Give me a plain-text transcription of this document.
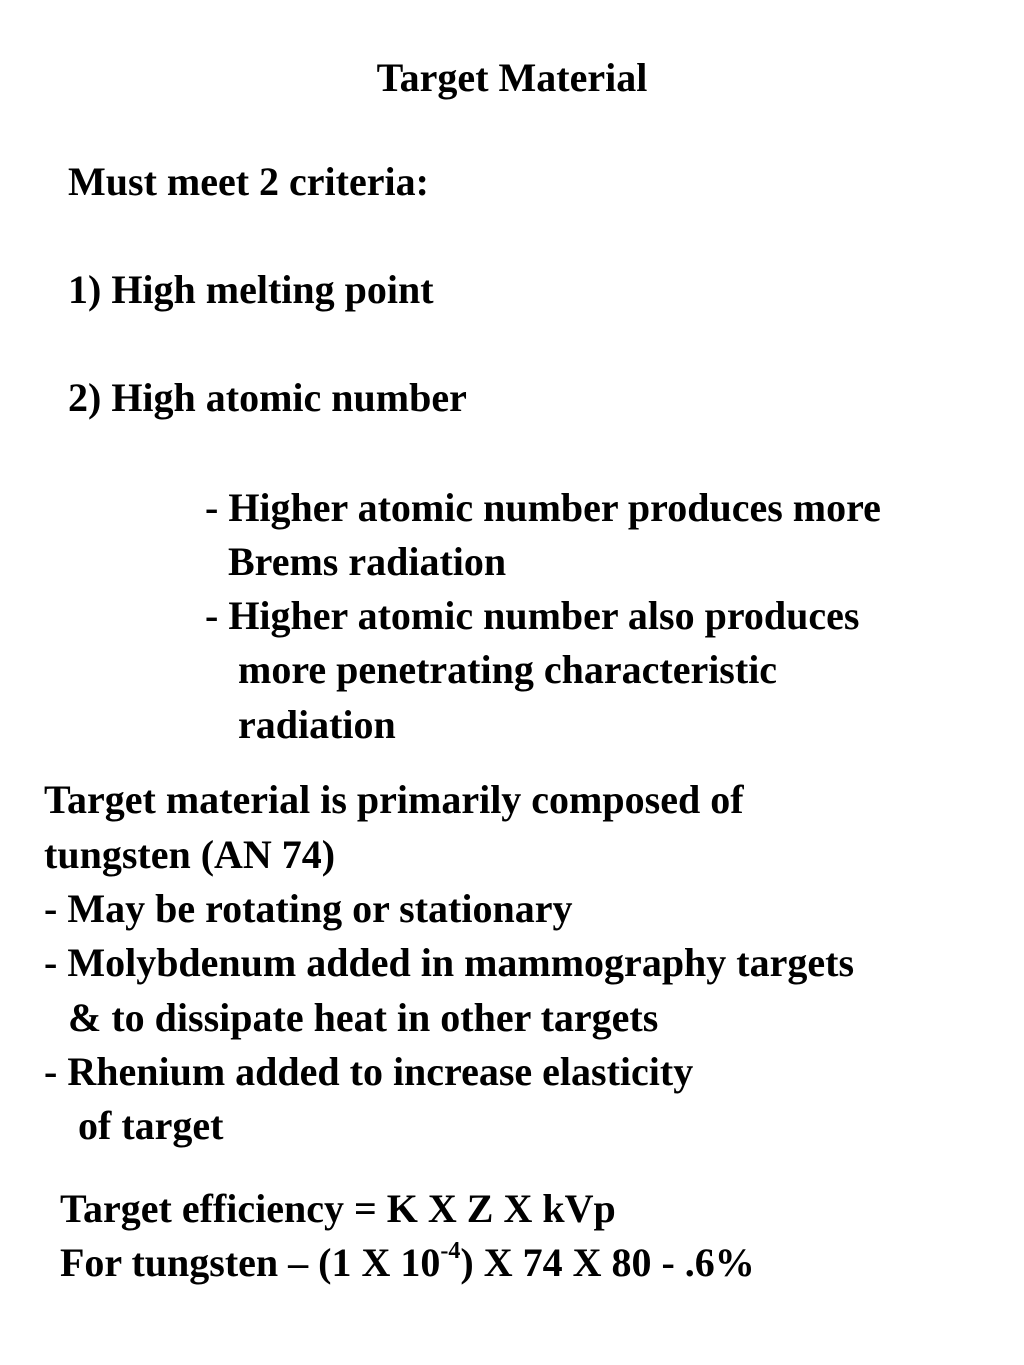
Target Material
Must meet 2 criteria:
1) High melting point
2) High atomic number
- Higher atomic number produces more
Brems radiation
- Higher atomic number also produces
more penetrating characteristic
radiation
Target material is primarily composed of
tungsten (AN 74)
- May be rotating or stationary
- Molybdenum added in mammography targets
& to dissipate heat in other targets
- Rhenium added to increase elasticity
of target
Target efficiency = K X Z X kVp
For tungsten – (1 X $10^{-4}$) X 74 X 80 - .6%
